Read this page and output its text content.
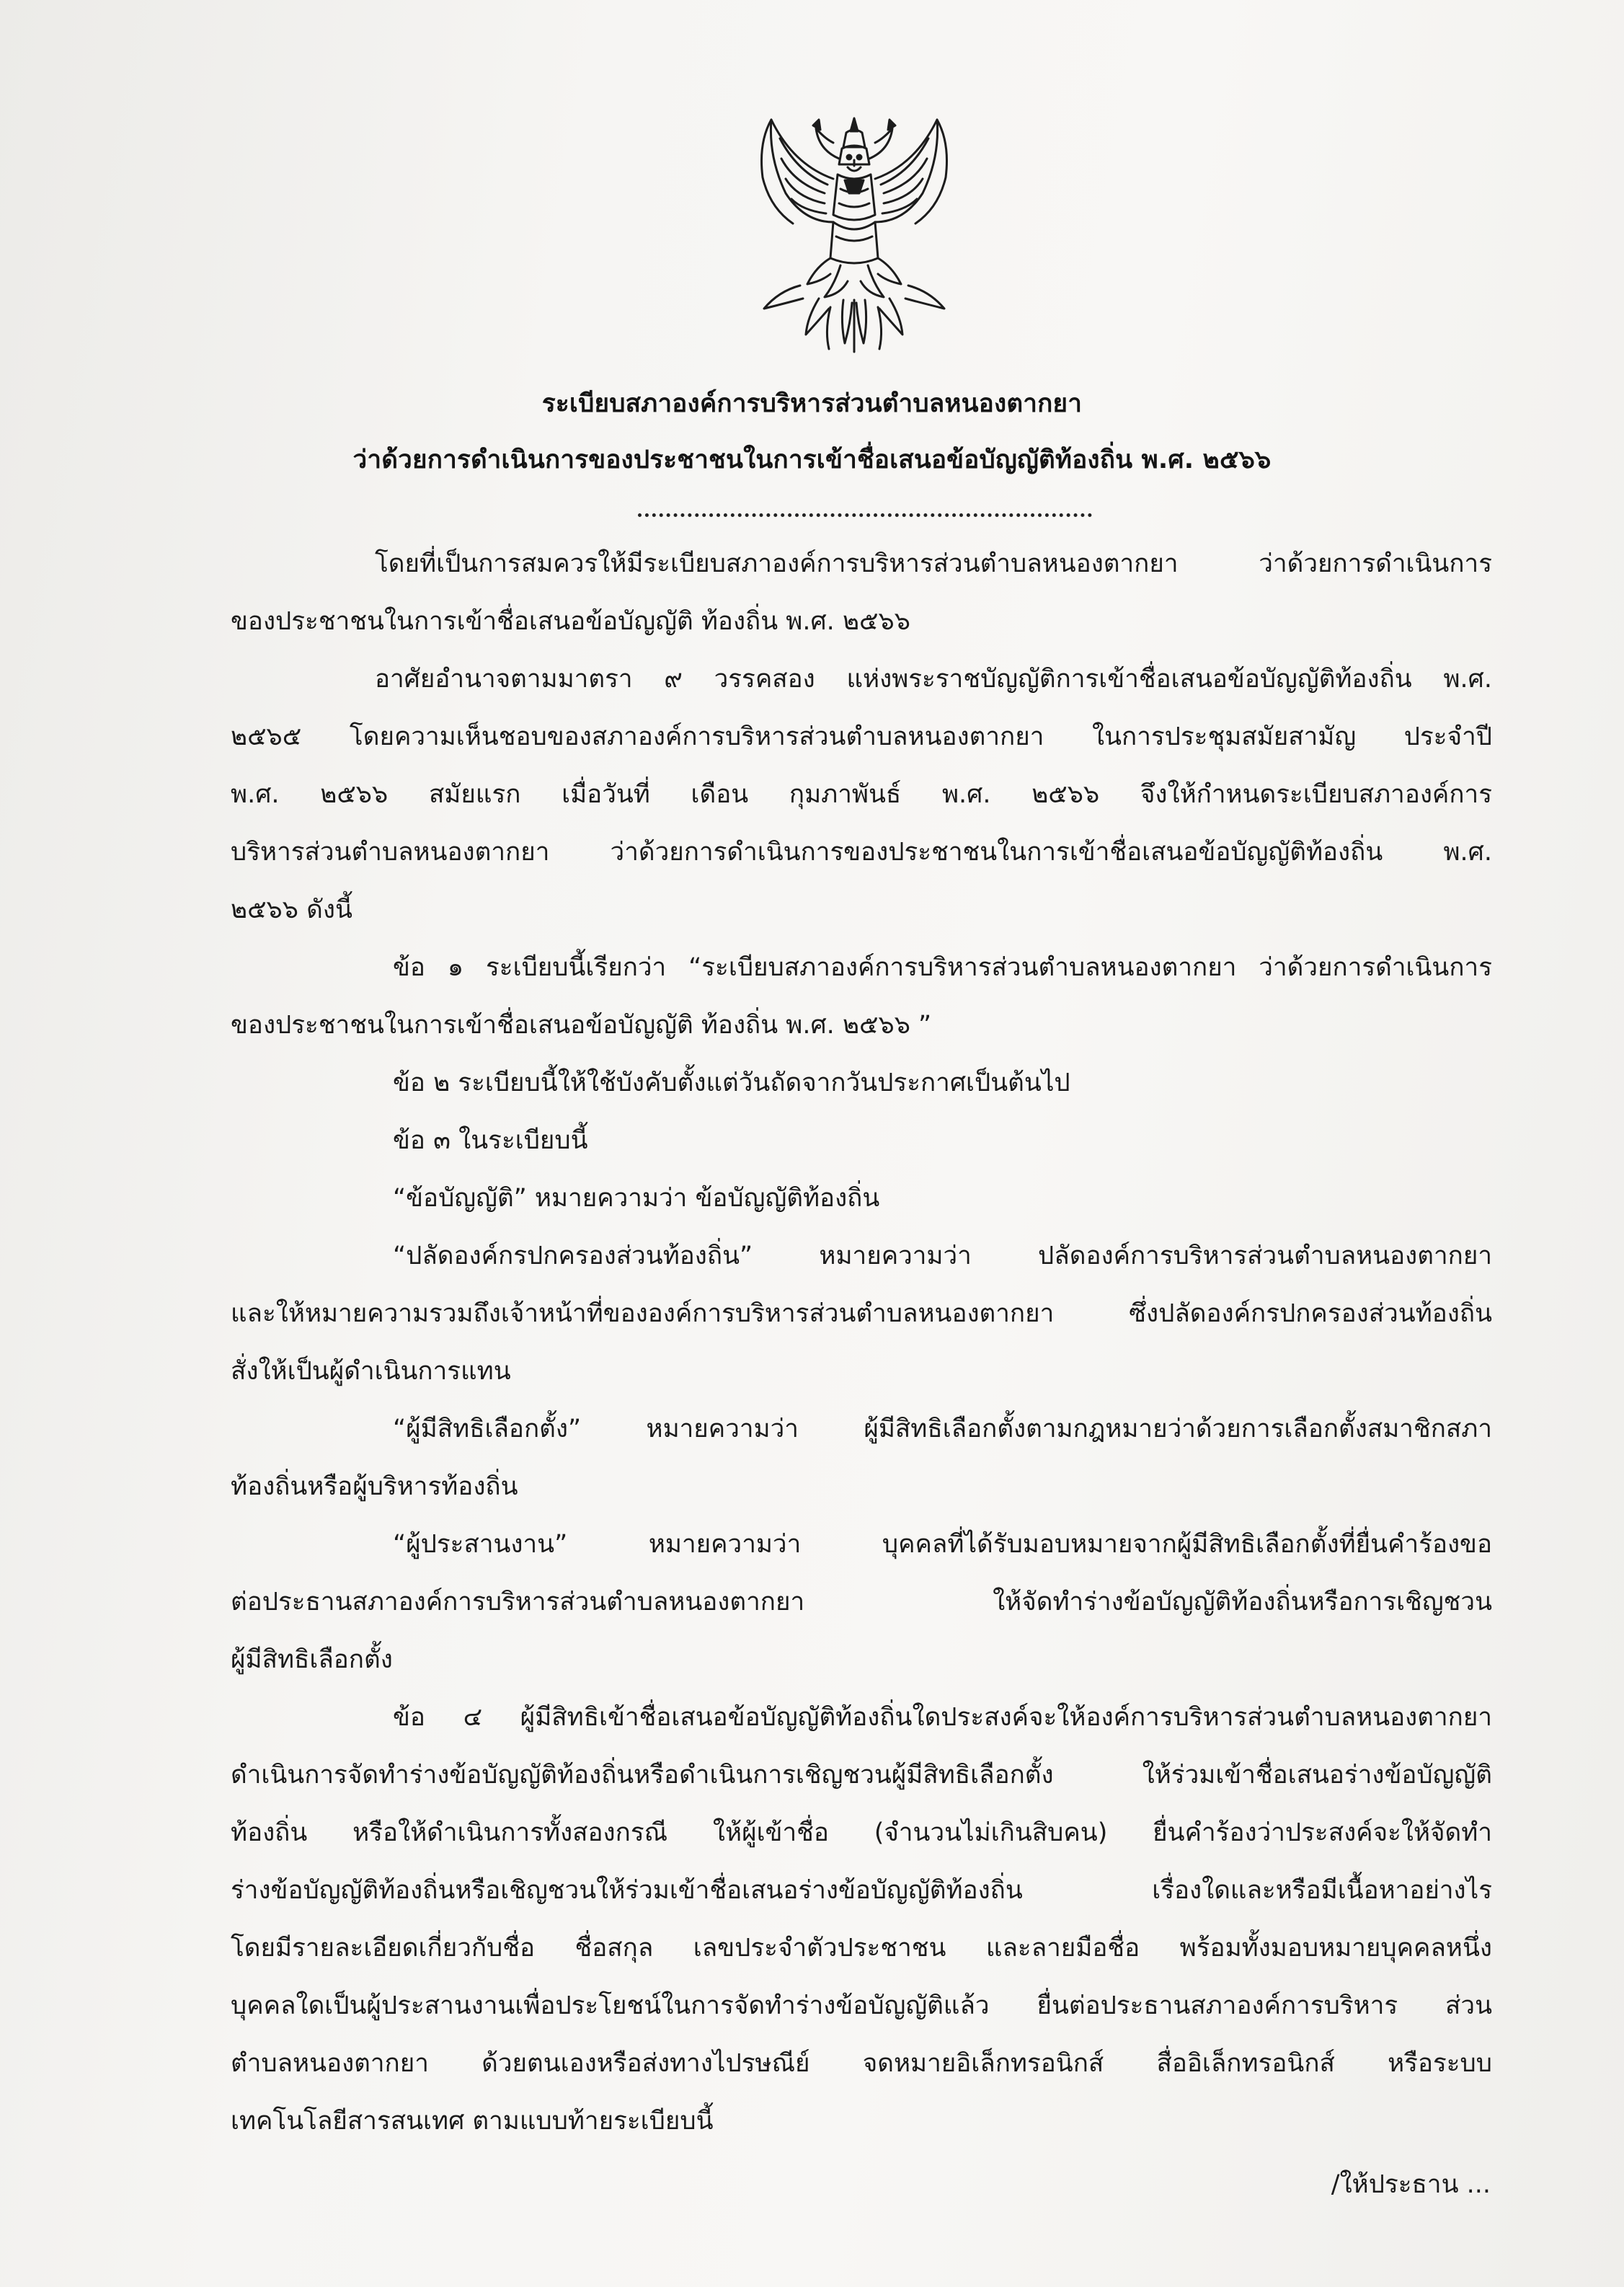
ระเบียบสภาองค์การบริหารส่วนตำบลหนองตากยา
ว่าด้วยการดำเนินการของประชาชนในการเข้าชื่อเสนอข้อบัญญัติท้องถิ่น พ.ศ. ๒๕๖๖
โดยที่เป็นการสมควรให้มีระเบียบสภาองค์การบริหารส่วนตำบลหนองตากยา ว่าด้วยการดำเนินการ
ของประชาชนในการเข้าชื่อเสนอข้อบัญญัติ ท้องถิ่น พ.ศ. ๒๕๖๖
อาศัยอำนาจตามมาตรา ๙ วรรคสอง แห่งพระราชบัญญัติการเข้าชื่อเสนอข้อบัญญัติท้องถิ่น พ.ศ.
๒๕๖๕ โดยความเห็นชอบของสภาองค์การบริหารส่วนตำบลหนองตากยา ในการประชุมสมัยสามัญ ประจำปี
พ.ศ. ๒๕๖๖ สมัยแรก เมื่อวันที่ เดือน กุมภาพันธ์ พ.ศ. ๒๕๖๖ จึงให้กำหนดระเบียบสภาองค์การ
บริหารส่วนตำบลหนองตากยา ว่าด้วยการดำเนินการของประชาชนในการเข้าชื่อเสนอข้อบัญญัติท้องถิ่น พ.ศ.
๒๕๖๖ ดังนี้
ข้อ ๑ ระเบียบนี้เรียกว่า “ระเบียบสภาองค์การบริหารส่วนตำบลหนองตากยา ว่าด้วยการดำเนินการ
ของประชาชนในการเข้าชื่อเสนอข้อบัญญัติ ท้องถิ่น พ.ศ. ๒๕๖๖ ”
ข้อ ๒ ระเบียบนี้ให้ใช้บังคับตั้งแต่วันถัดจากวันประกาศเป็นต้นไป
ข้อ ๓ ในระเบียบนี้
“ข้อบัญญัติ” หมายความว่า ข้อบัญญัติท้องถิ่น
“ปลัดองค์กรปกครองส่วนท้องถิ่น” หมายความว่า ปลัดองค์การบริหารส่วนตำบลหนองตากยา
และให้หมายความรวมถึงเจ้าหน้าที่ขององค์การบริหารส่วนตำบลหนองตากยา ซึ่งปลัดองค์กรปกครองส่วนท้องถิ่น
สั่งให้เป็นผู้ดำเนินการแทน
“ผู้มีสิทธิเลือกตั้ง” หมายความว่า ผู้มีสิทธิเลือกตั้งตามกฎหมายว่าด้วยการเลือกตั้งสมาชิกสภา
ท้องถิ่นหรือผู้บริหารท้องถิ่น
“ผู้ประสานงาน” หมายความว่า บุคคลที่ได้รับมอบหมายจากผู้มีสิทธิเลือกตั้งที่ยื่นคำร้องขอ
ต่อประธานสภาองค์การบริหารส่วนตำบลหนองตากยา ให้จัดทำร่างข้อบัญญัติท้องถิ่นหรือการเชิญชวน
ผู้มีสิทธิเลือกตั้ง
ข้อ ๔ ผู้มีสิทธิเข้าชื่อเสนอข้อบัญญัติท้องถิ่นใดประสงค์จะให้องค์การบริหารส่วนตำบลหนองตากยา
ดำเนินการจัดทำร่างข้อบัญญัติท้องถิ่นหรือดำเนินการเชิญชวนผู้มีสิทธิเลือกตั้ง ให้ร่วมเข้าชื่อเสนอร่างข้อบัญญัติ
ท้องถิ่น หรือให้ดำเนินการทั้งสองกรณี ให้ผู้เข้าชื่อ (จำนวนไม่เกินสิบคน) ยื่นคำร้องว่าประสงค์จะให้จัดทำ
ร่างข้อบัญญัติท้องถิ่นหรือเชิญชวนให้ร่วมเข้าชื่อเสนอร่างข้อบัญญัติท้องถิ่น เรื่องใดและหรือมีเนื้อหาอย่างไร
โดยมีรายละเอียดเกี่ยวกับชื่อ ชื่อสกุล เลขประจำตัวประชาชน และลายมือชื่อ พร้อมทั้งมอบหมายบุคคลหนึ่ง
บุคคลใดเป็นผู้ประสานงานเพื่อประโยชน์ในการจัดทำร่างข้อบัญญัติแล้ว ยื่นต่อประธานสภาองค์การบริหาร ส่วน
ตำบลหนองตากยา ด้วยตนเองหรือส่งทางไปรษณีย์ จดหมายอิเล็กทรอนิกส์ สื่ออิเล็กทรอนิกส์ หรือระบบ
เทคโนโลยีสารสนเทศ ตามแบบท้ายระเบียบนี้
/ให้ประธาน ...
